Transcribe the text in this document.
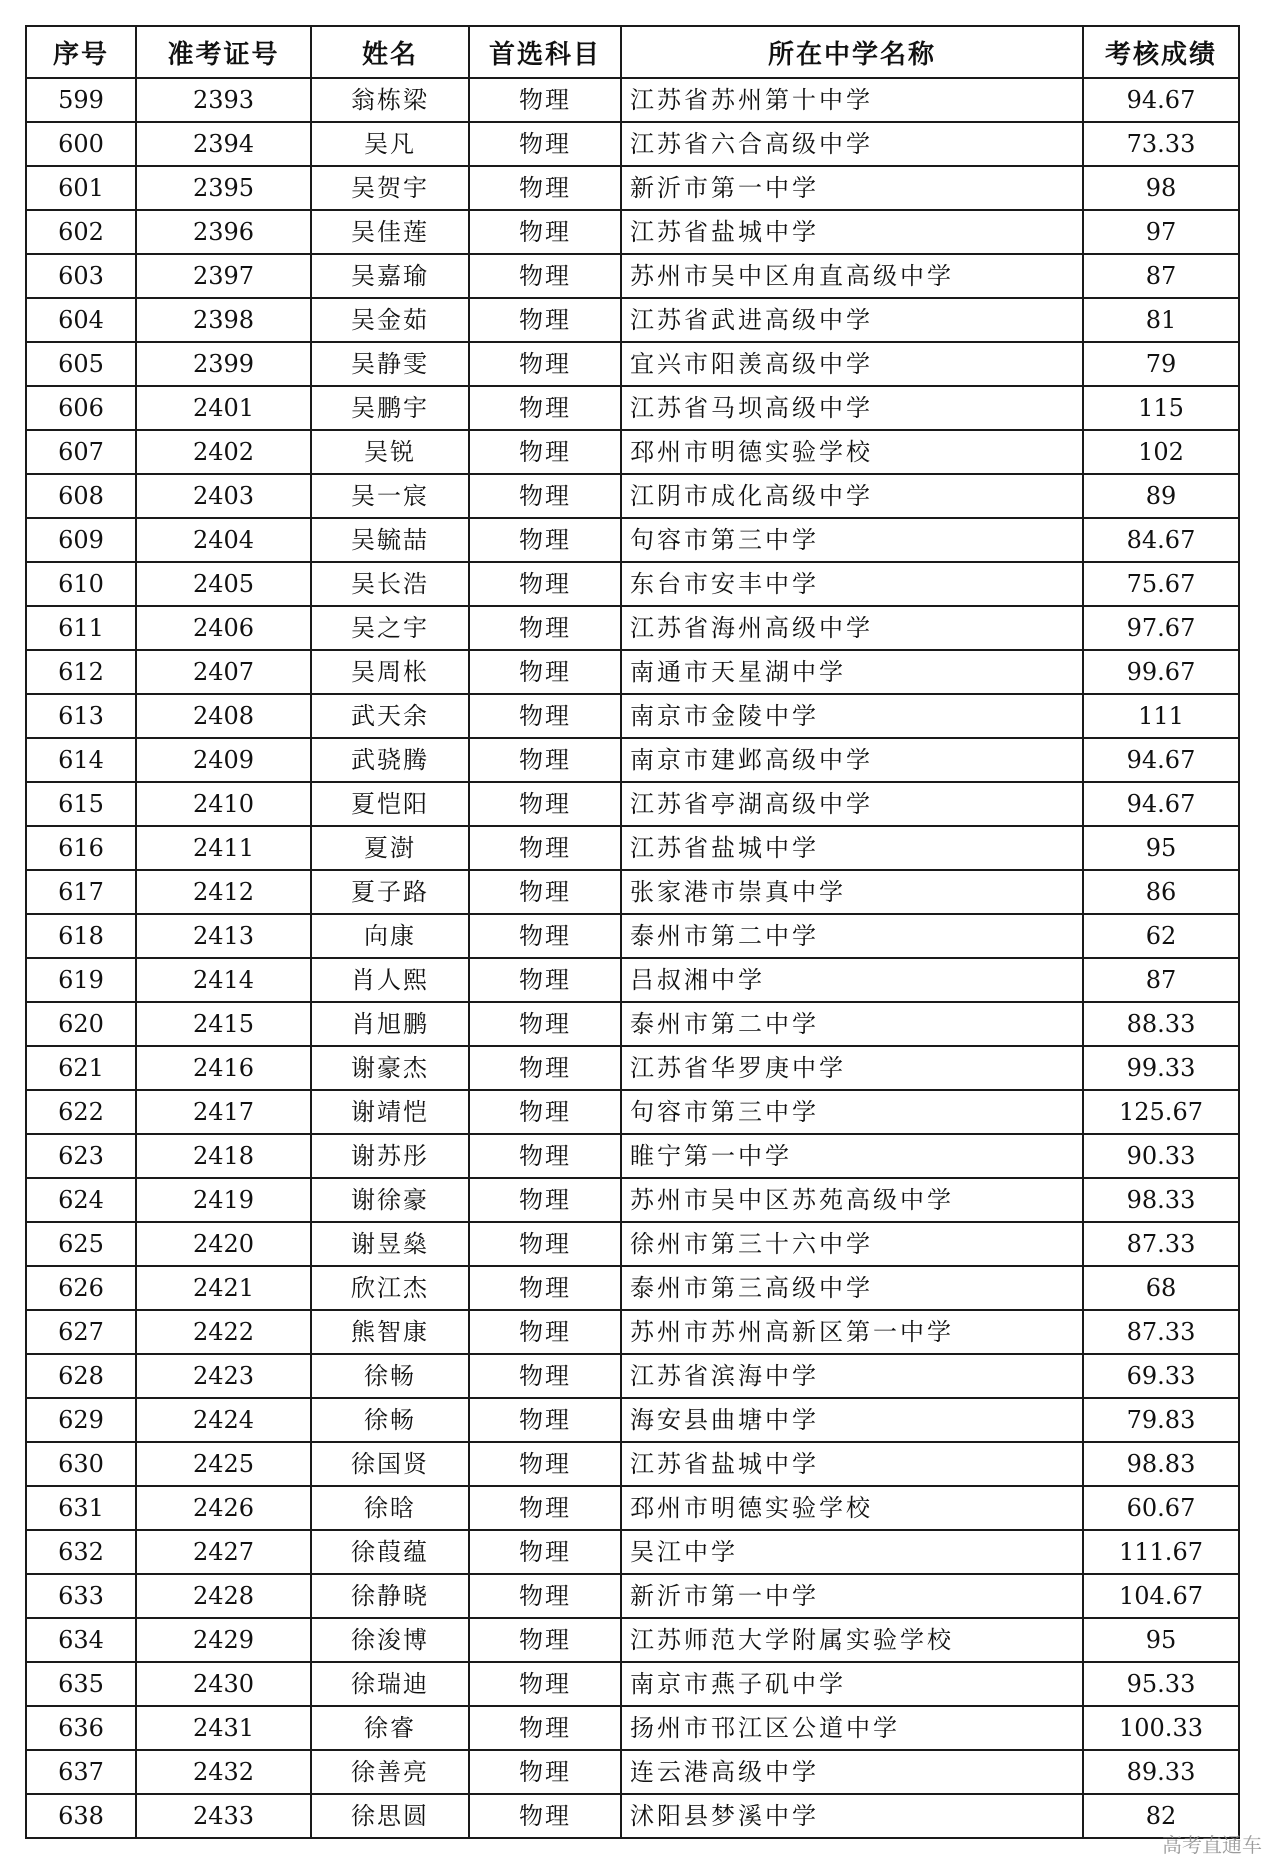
序号	准考证号	姓名	首选科目	所在中学名称	考核成绩
599	2393	翁栋梁	物理	江苏省苏州第十中学	94.67
600	2394	吴凡	物理	江苏省六合高级中学	73.33
601	2395	吴贺宇	物理	新沂市第一中学	98
602	2396	吴佳莲	物理	江苏省盐城中学	97
603	2397	吴嘉瑜	物理	苏州市吴中区甪直高级中学	87
604	2398	吴金茹	物理	江苏省武进高级中学	81
605	2399	吴静雯	物理	宜兴市阳羡高级中学	79
606	2401	吴鹏宇	物理	江苏省马坝高级中学	115
607	2402	吴锐	物理	邳州市明德实验学校	102
608	2403	吴一宸	物理	江阴市成化高级中学	89
609	2404	吴毓喆	物理	句容市第三中学	84.67
610	2405	吴长浩	物理	东台市安丰中学	75.67
611	2406	吴之宇	物理	江苏省海州高级中学	97.67
612	2407	吴周枨	物理	南通市天星湖中学	99.67
613	2408	武天余	物理	南京市金陵中学	111
614	2409	武骁腾	物理	南京市建邺高级中学	94.67
615	2410	夏恺阳	物理	江苏省亭湖高级中学	94.67
616	2411	夏澍	物理	江苏省盐城中学	95
617	2412	夏子路	物理	张家港市崇真中学	86
618	2413	向康	物理	泰州市第二中学	62
619	2414	肖人熙	物理	吕叔湘中学	87
620	2415	肖旭鹏	物理	泰州市第二中学	88.33
621	2416	谢豪杰	物理	江苏省华罗庚中学	99.33
622	2417	谢靖恺	物理	句容市第三中学	125.67
623	2418	谢苏彤	物理	睢宁第一中学	90.33
624	2419	谢徐豪	物理	苏州市吴中区苏苑高级中学	98.33
625	2420	谢昱燊	物理	徐州市第三十六中学	87.33
626	2421	欣江杰	物理	泰州市第三高级中学	68
627	2422	熊智康	物理	苏州市苏州高新区第一中学	87.33
628	2423	徐畅	物理	江苏省滨海中学	69.33
629	2424	徐畅	物理	海安县曲塘中学	79.83
630	2425	徐国贤	物理	江苏省盐城中学	98.83
631	2426	徐晗	物理	邳州市明德实验学校	60.67
632	2427	徐葭蕴	物理	吴江中学	111.67
633	2428	徐静晓	物理	新沂市第一中学	104.67
634	2429	徐浚博	物理	江苏师范大学附属实验学校	95
635	2430	徐瑞迪	物理	南京市燕子矶中学	95.33
636	2431	徐睿	物理	扬州市邗江区公道中学	100.33
637	2432	徐善亮	物理	连云港高级中学	89.33
638	2433	徐思圆	物理	沭阳县梦溪中学	82
高考直通车
